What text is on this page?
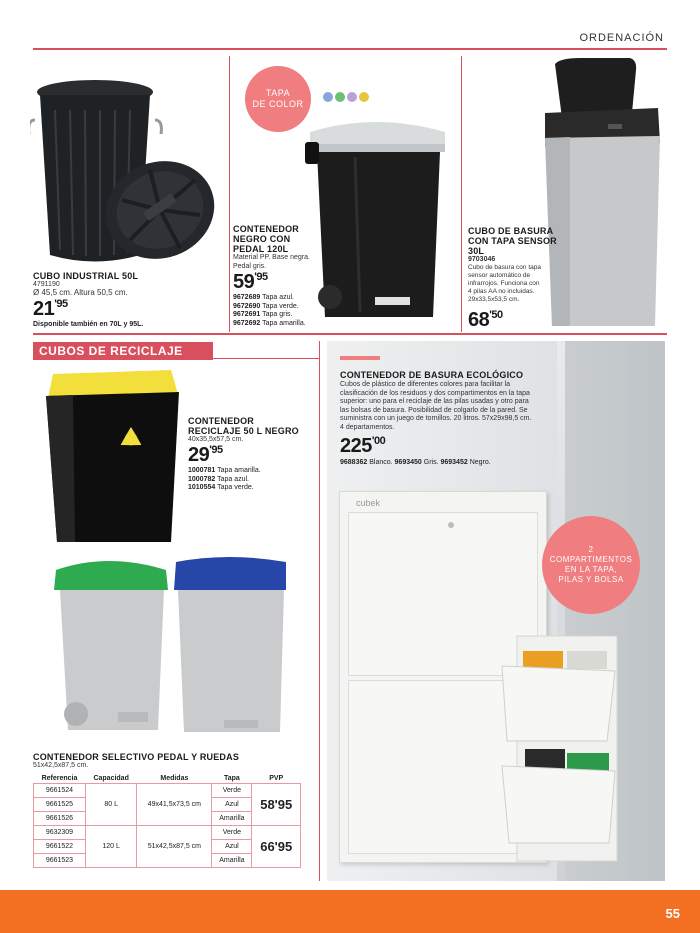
ORDENACIÓN
CUBO INDUSTRIAL 50L
4791190
Ø 45,5 cm. Altura 50,5 cm.
$21^{'95}$
Disponible también en 70L y 95L.
TAPA
DE COLOR
CONTENEDOR
NEGRO CON
PEDAL 120L
Material PP. Base negra.
Pedal gris.
$59^{'95}$
9672689 Tapa azul.
9672690 Tapa verde.
9672691 Tapa gris.
9672692 Tapa amarilla.
CUBO DE BASURA
CON TAPA SENSOR
30L
9703046
Cubo de basura con tapa
sensor automático de
infrarrojos. Funciona con
4 pilas AA no incluidas.
29x33,5x53,5 cm.
$68^{'50}$
CUBOS DE RECICLAJE
CONTENEDOR
RECICLAJE 50 L NEGRO
40x35,5x57,5 cm.
$29^{'95}$
1000781 Tapa amarilla.
1000782 Tapa azul.
1010554 Tapa verde.
CONTENEDOR SELECTIVO PEDAL Y RUEDAS
51x42,5x87,5 cm.
Referencia	Capacidad	Medidas	Tapa	PVP
9661524	80 L	49x41,5x73,5 cm	Verde	58'95
9661525			Azul	
9661526			Amarilla	
9632309	120 L	51x42,5x87,5 cm	Verde	66'95
9661522			Azul	
9661523			Amarilla	
cubek
CONTENEDOR DE BASURA ECOLÓGICO
Cubos de plástico de diferentes colores para facilitar la
clasificación de los residuos y dos compartimentos en la tapa
superior: uno para el reciclaje de las pilas usadas y otro para
las bolsas de basura. Posibilidad de colgarlo de la pared. Se
suministra con un juego de tornillos. 20 litros. 57x29x98,5 cm.
4 departamentos.
$225^{'00}$
9688362 Blanco. 9693450 Gris. 9693452 Negro.
2
COMPARTIMENTOS
EN LA TAPA,
PILAS Y BOLSA
55
